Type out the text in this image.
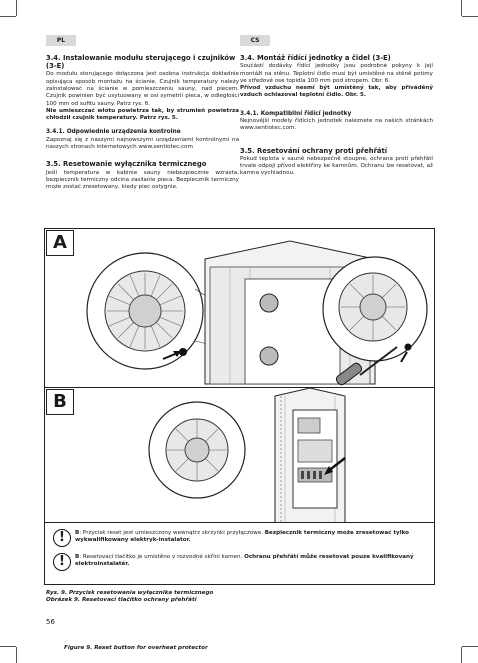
PL	CS
3.4. Instalowanie modułu sterującego i czujników (3-E)
Do modułu sterującego dołączona jest osobna instrukcja dokładnie opisująca sposób montażu na ścianie. Czujnik temperatury należy zainstalować na ścianie w pomieszczeniu sauny, nad piecem. Czujnik powinien być usytuowany w osi symetrii pieca, w odległości 100 mm od sufitu sauny. Patrz rys. 6.
Nie umieszczać wlotu powietrza tak, by strumień powietrza chłodził czujnik temperatury. Patrz rys. 5.
3.4.1. Odpowiednie urządzenia kontrolne
Zapoznaj się z naszymi najnowszymi urządzeniami kontrolnymi na naszych stronach internetowych www.sentiotec.com
3.5. Resetowanie wyłącznika termicznego
Jeśli temperatura w kabinie sauny niebezpiecznie wzrasta, bezpiecznik termiczny odcina zasilanie pieca. Bezpiecznik termiczny może zostać zresetowany, kiedy piec ostygnie.
3.4. Montáž řídící jednotky a čidel (3-E)
Součástí dodávky řídící jednotky jsou podrobné pokyny k její montáži na stěnu. Teplotní čidlo musí být umístěné na stěně potimy ve středové ose topidla 100 mm pod stropem. Obr. 6.
Přívod vzduchu nesmí být umístěný tak, aby přiváděný vzduch ochlazoval teplotní čidlo. Obr. 5.
3.4.1. Kompatibilní řídící jednotky
Nejnovější modely řídících jednotek naleznete na našich stránkách www.sentiotec.com.
3.5. Resetování ochrany proti přehřátí
Pokud teplota v sauně nebezpečně stoupne, ochrana proti přehřátí trvale odpojí přívod elektřiny ke kamnům. Ochranu lze resetovat, až kamna vychladnou.
A
B
!	B: Przycisk reset jest umieszczony wewnątrz skrzynki przyłączowe. Bezpiecznik termiczny może zresetować tylko wykwalifikowany elektryk-instalator.
!	B: Resetovací tlačítko je umístěno v rozvodné skříni kamen. Ochranu přehřátí může resetovat pouze kvalifikovaný elektroinstalatér.
Rys. 9. Przycisk resetowania wyłącznika termicznego
Obrázek 9. Resetovací tlačítko ochrany přehřátí
56
Figure 9. Reset button for overheat protector
